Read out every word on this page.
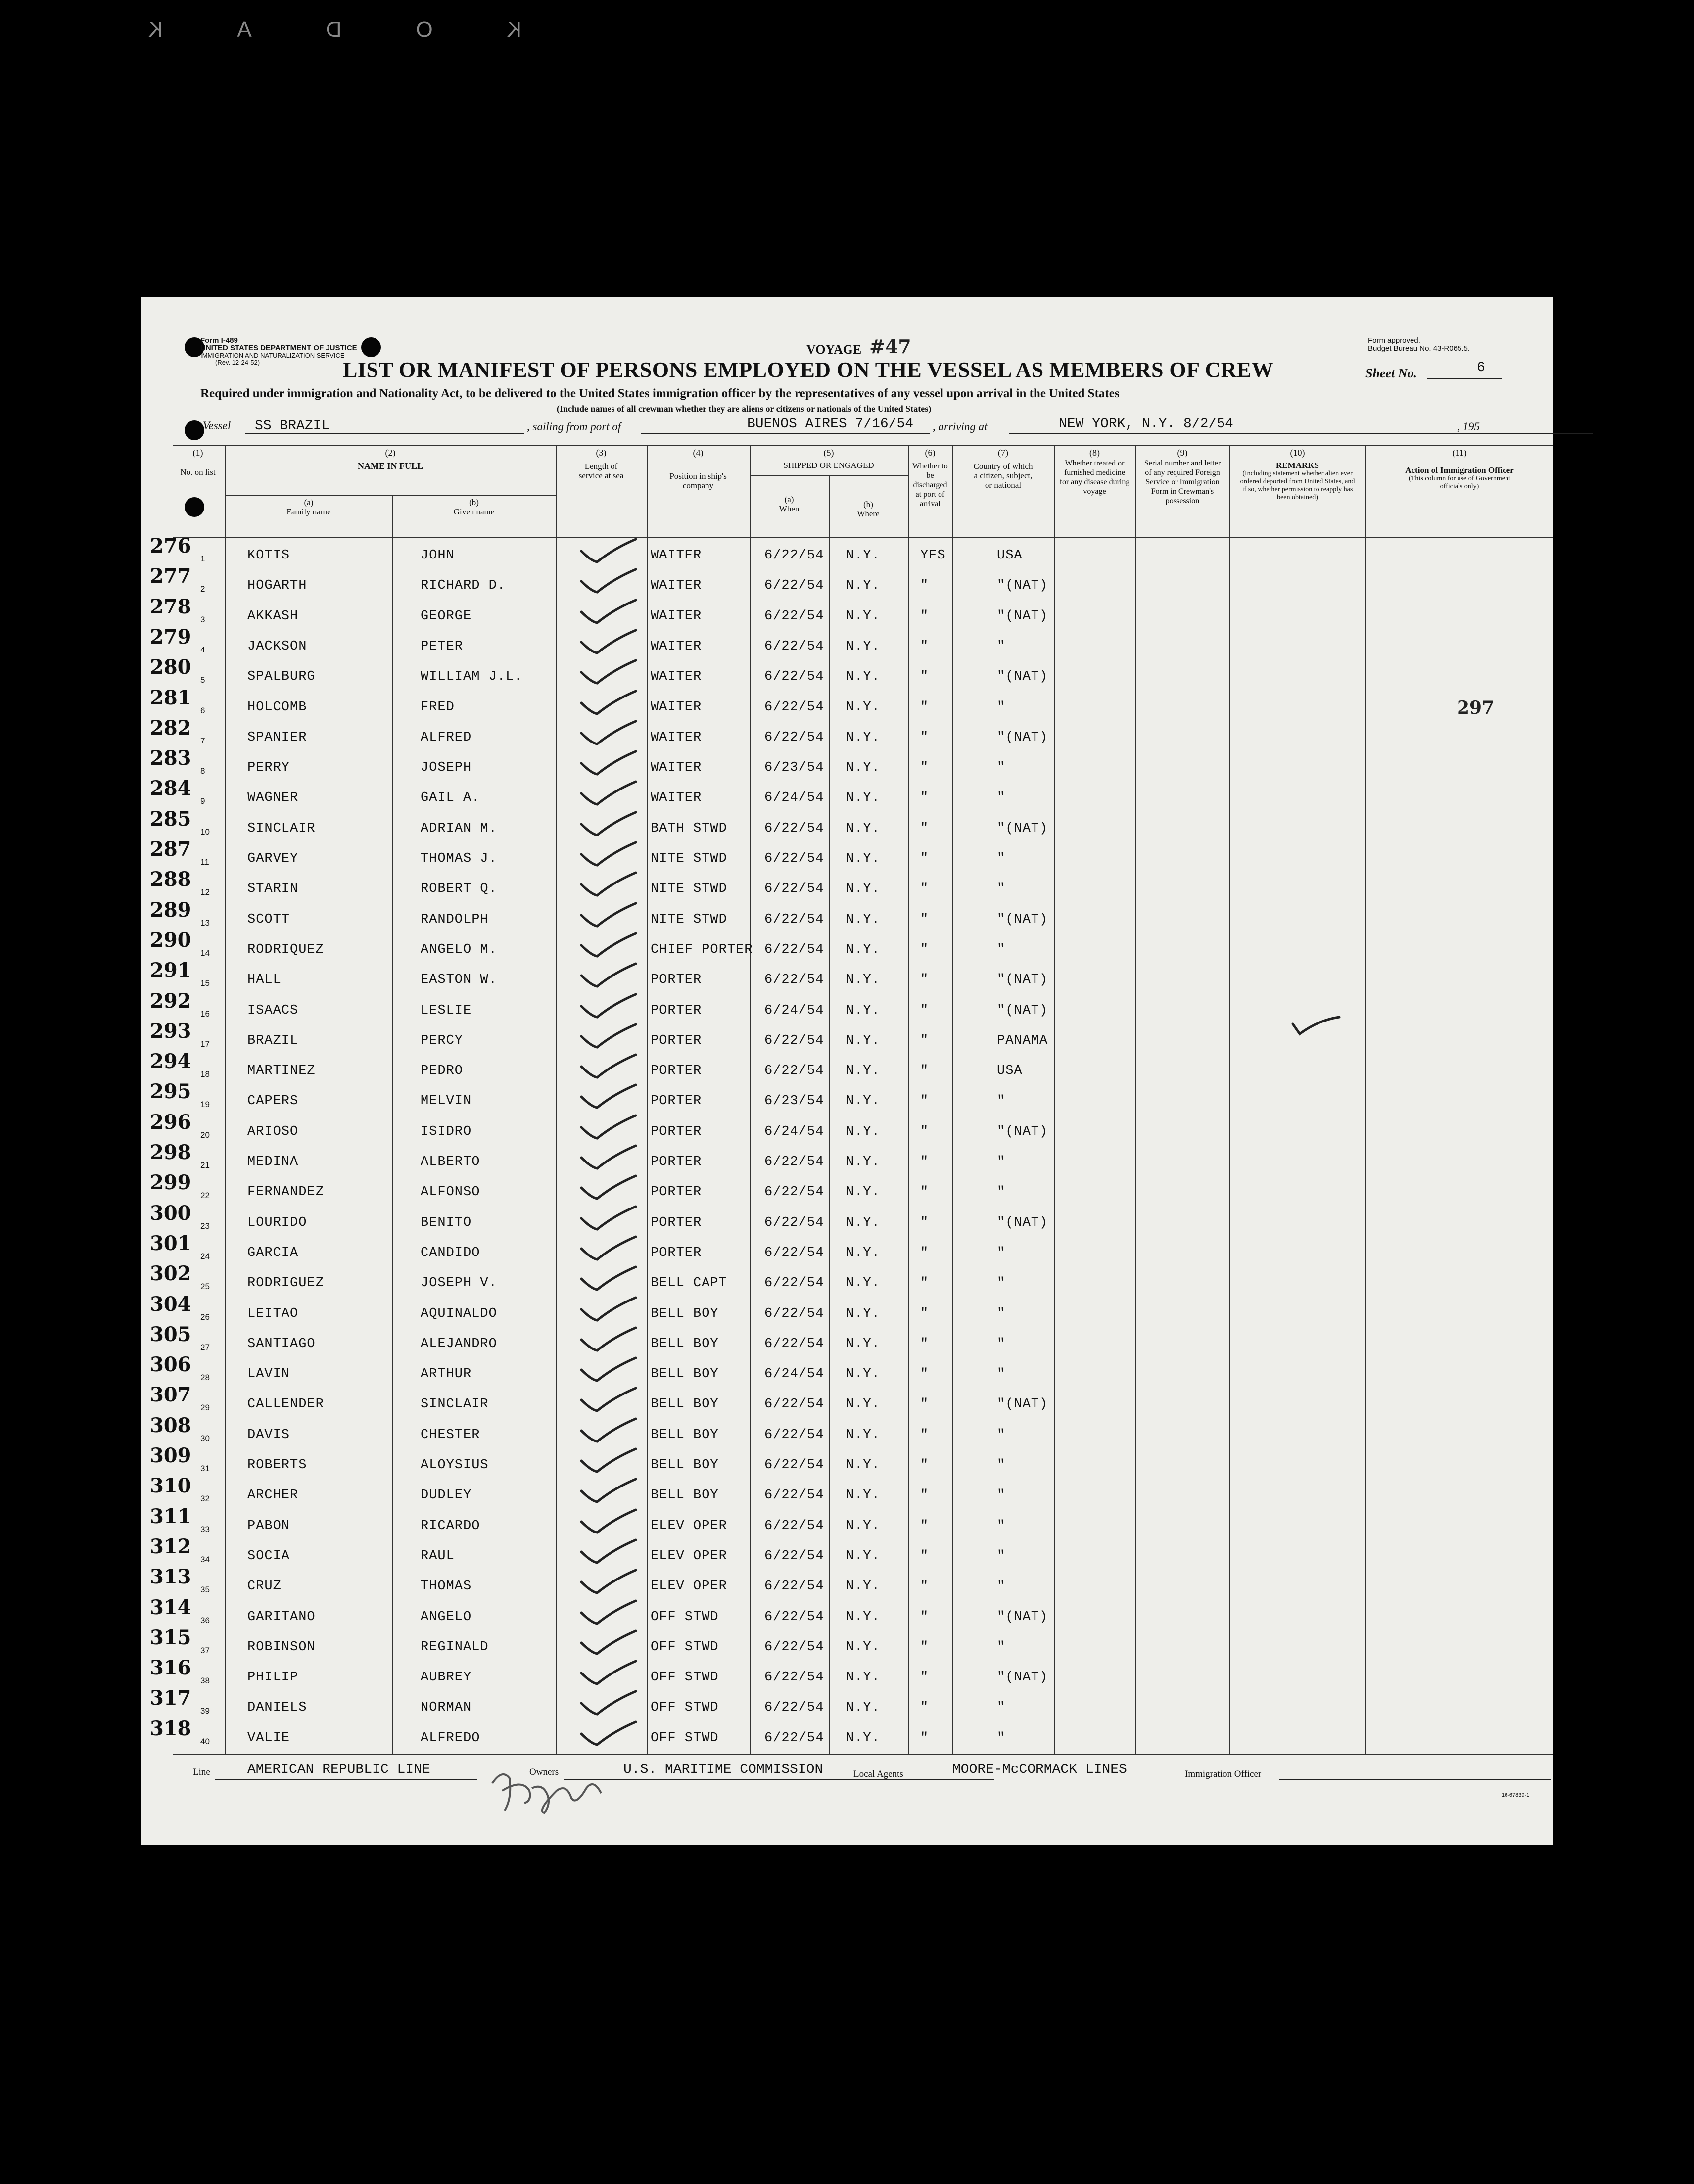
KODAK
Form I-489
UNITED STATES DEPARTMENT OF JUSTICE
IMMIGRATION AND NATURALIZATION SERVICE
(Rev. 12-24-52)
Form approved.
Budget Bureau No. 43-R065.5.
VOYAGE #47
LIST OR MANIFEST OF PERSONS EMPLOYED ON THE VESSEL AS MEMBERS OF CREW	Sheet No.	6
Required under immigration and Nationality Act, to be delivered to the United States immigration officer by the representatives of any vessel upon arrival in the United States
(Include names of all crewman whether they are aliens or citizens or nationals of the United States)
Vessel SS BRAZIL	, sailing from port of	BUENOS AIRES 7/16/54 , arriving at	NEW YORK, N.Y. 8/2/54	, 195
(1)
No. on list
(2)
NAME IN FULL
(a)
Family name
(b)
Given name
(3)
Length of service at sea
(4)
Position in ship's company
(5)
SHIPPED OR ENGAGED
(a)
When	(b)
Where
(6)
Whether to be discharged at port of arrival
(7)
Country of which a citizen, subject, or national
(8)
Whether treated or furnished medicine for any disease during voyage
(9)
Serial number and letter of any required Foreign Service or Immigration Form in Crewman's possession
(10)
REMARKS
(Including statement whether alien ever ordered deported from United States, and if so, whether permission to reapply has been obtained)
(11)
Action of Immigration Officer
(This column for use of Government officials only)
276
1	KOTIS	JOHN	WAITER	6/22/54 N.Y.	YES	USA
277
2	HOGARTH	RICHARD D.	WAITER	6/22/54 N.Y.	"	"(NAT)
278
3	AKKASH	GEORGE	WAITER	6/22/54 N.Y.	"	"(NAT)
279
4	JACKSON	PETER	WAITER	6/22/54 N.Y.	"	"
280
5	SPALBURG	WILLIAM J.L.	WAITER	6/22/54 N.Y.	"	"(NAT)
281
6	HOLCOMB	FRED	WAITER	6/22/54 N.Y.	"	"
282
7	SPANIER	ALFRED	WAITER	6/22/54 N.Y.	"	"(NAT)
283
8	PERRY	JOSEPH	WAITER	6/23/54 N.Y.	"	"
284
9	WAGNER	GAIL A.	WAITER	6/24/54 N.Y.	"	"
285
10	SINCLAIR	ADRIAN M.	BATH STWD	6/22/54 N.Y.	"	"(NAT)
287
11	GARVEY	THOMAS J.	NITE STWD	6/22/54 N.Y.	"	"
288
12	STARIN	ROBERT Q.	NITE STWD	6/22/54 N.Y.	"	"
289
13	SCOTT	RANDOLPH	NITE STWD	6/22/54 N.Y.	"	"(NAT)
290
14	RODRIQUEZ	ANGELO M.	CHIEF PORTER 6/22/54 N.Y.	"	"
291
15	HALL	EASTON W.	PORTER	6/22/54 N.Y.	"	"(NAT)
292
16	ISAACS	LESLIE	PORTER	6/24/54 N.Y.	"	"(NAT)
293
17	BRAZIL	PERCY	PORTER	6/22/54 N.Y.	"	PANAMA
294
18	MARTINEZ	PEDRO	PORTER	6/22/54 N.Y.	"	USA
295
19	CAPERS	MELVIN	PORTER	6/23/54 N.Y.	"	"
296
20	ARIOSO	ISIDRO	PORTER	6/24/54 N.Y.	"	"(NAT)
298
21	MEDINA	ALBERTO	PORTER	6/22/54 N.Y.	"	"
299
22	FERNANDEZ	ALFONSO	PORTER	6/22/54 N.Y.	"	"
300
23	LOURIDO	BENITO	PORTER	6/22/54 N.Y.	"	"(NAT)
301
24	GARCIA	CANDIDO	PORTER	6/22/54 N.Y.	"	"
302
25	RODRIGUEZ	JOSEPH V.	BELL CAPT	6/22/54 N.Y.	"	"
304
26	LEITAO	AQUINALDO	BELL BOY	6/22/54 N.Y.	"	"
305
27	SANTIAGO	ALEJANDRO	BELL BOY	6/22/54 N.Y.	"	"
306
28	LAVIN	ARTHUR	BELL BOY	6/24/54 N.Y.	"	"
307
29	CALLENDER	SINCLAIR	BELL BOY	6/22/54 N.Y.	"	"(NAT)
308
30	DAVIS	CHESTER	BELL BOY	6/22/54 N.Y.	"	"
309
31	ROBERTS	ALOYSIUS	BELL BOY	6/22/54 N.Y.	"	"
310
32	ARCHER	DUDLEY	BELL BOY	6/22/54 N.Y.	"	"
311
33	PABON	RICARDO	ELEV OPER	6/22/54 N.Y.	"	"
312
34	SOCIA	RAUL	ELEV OPER	6/22/54 N.Y.	"	"
313
35	CRUZ	THOMAS	ELEV OPER	6/22/54 N.Y.	"	"
314
36	GARITANO	ANGELO	OFF STWD	6/22/54 N.Y.	"	"(NAT)
315
37	ROBINSON	REGINALD	OFF STWD	6/22/54 N.Y.	"	"
316
38	PHILIP	AUBREY	OFF STWD	6/22/54 N.Y.	"	"(NAT)
317
39	DANIELS	NORMAN	OFF STWD	6/22/54 N.Y.	"	"
318
40	VALIE	ALFREDO	OFF STWD	6/22/54 N.Y.	"	"
297
Line	AMERICAN REPUBLIC LINE	Owners	U.S. MARITIME COMMISSION	Local Agents	MOORE-McCORMACK LINES	Immigration Officer
16-67839-1
